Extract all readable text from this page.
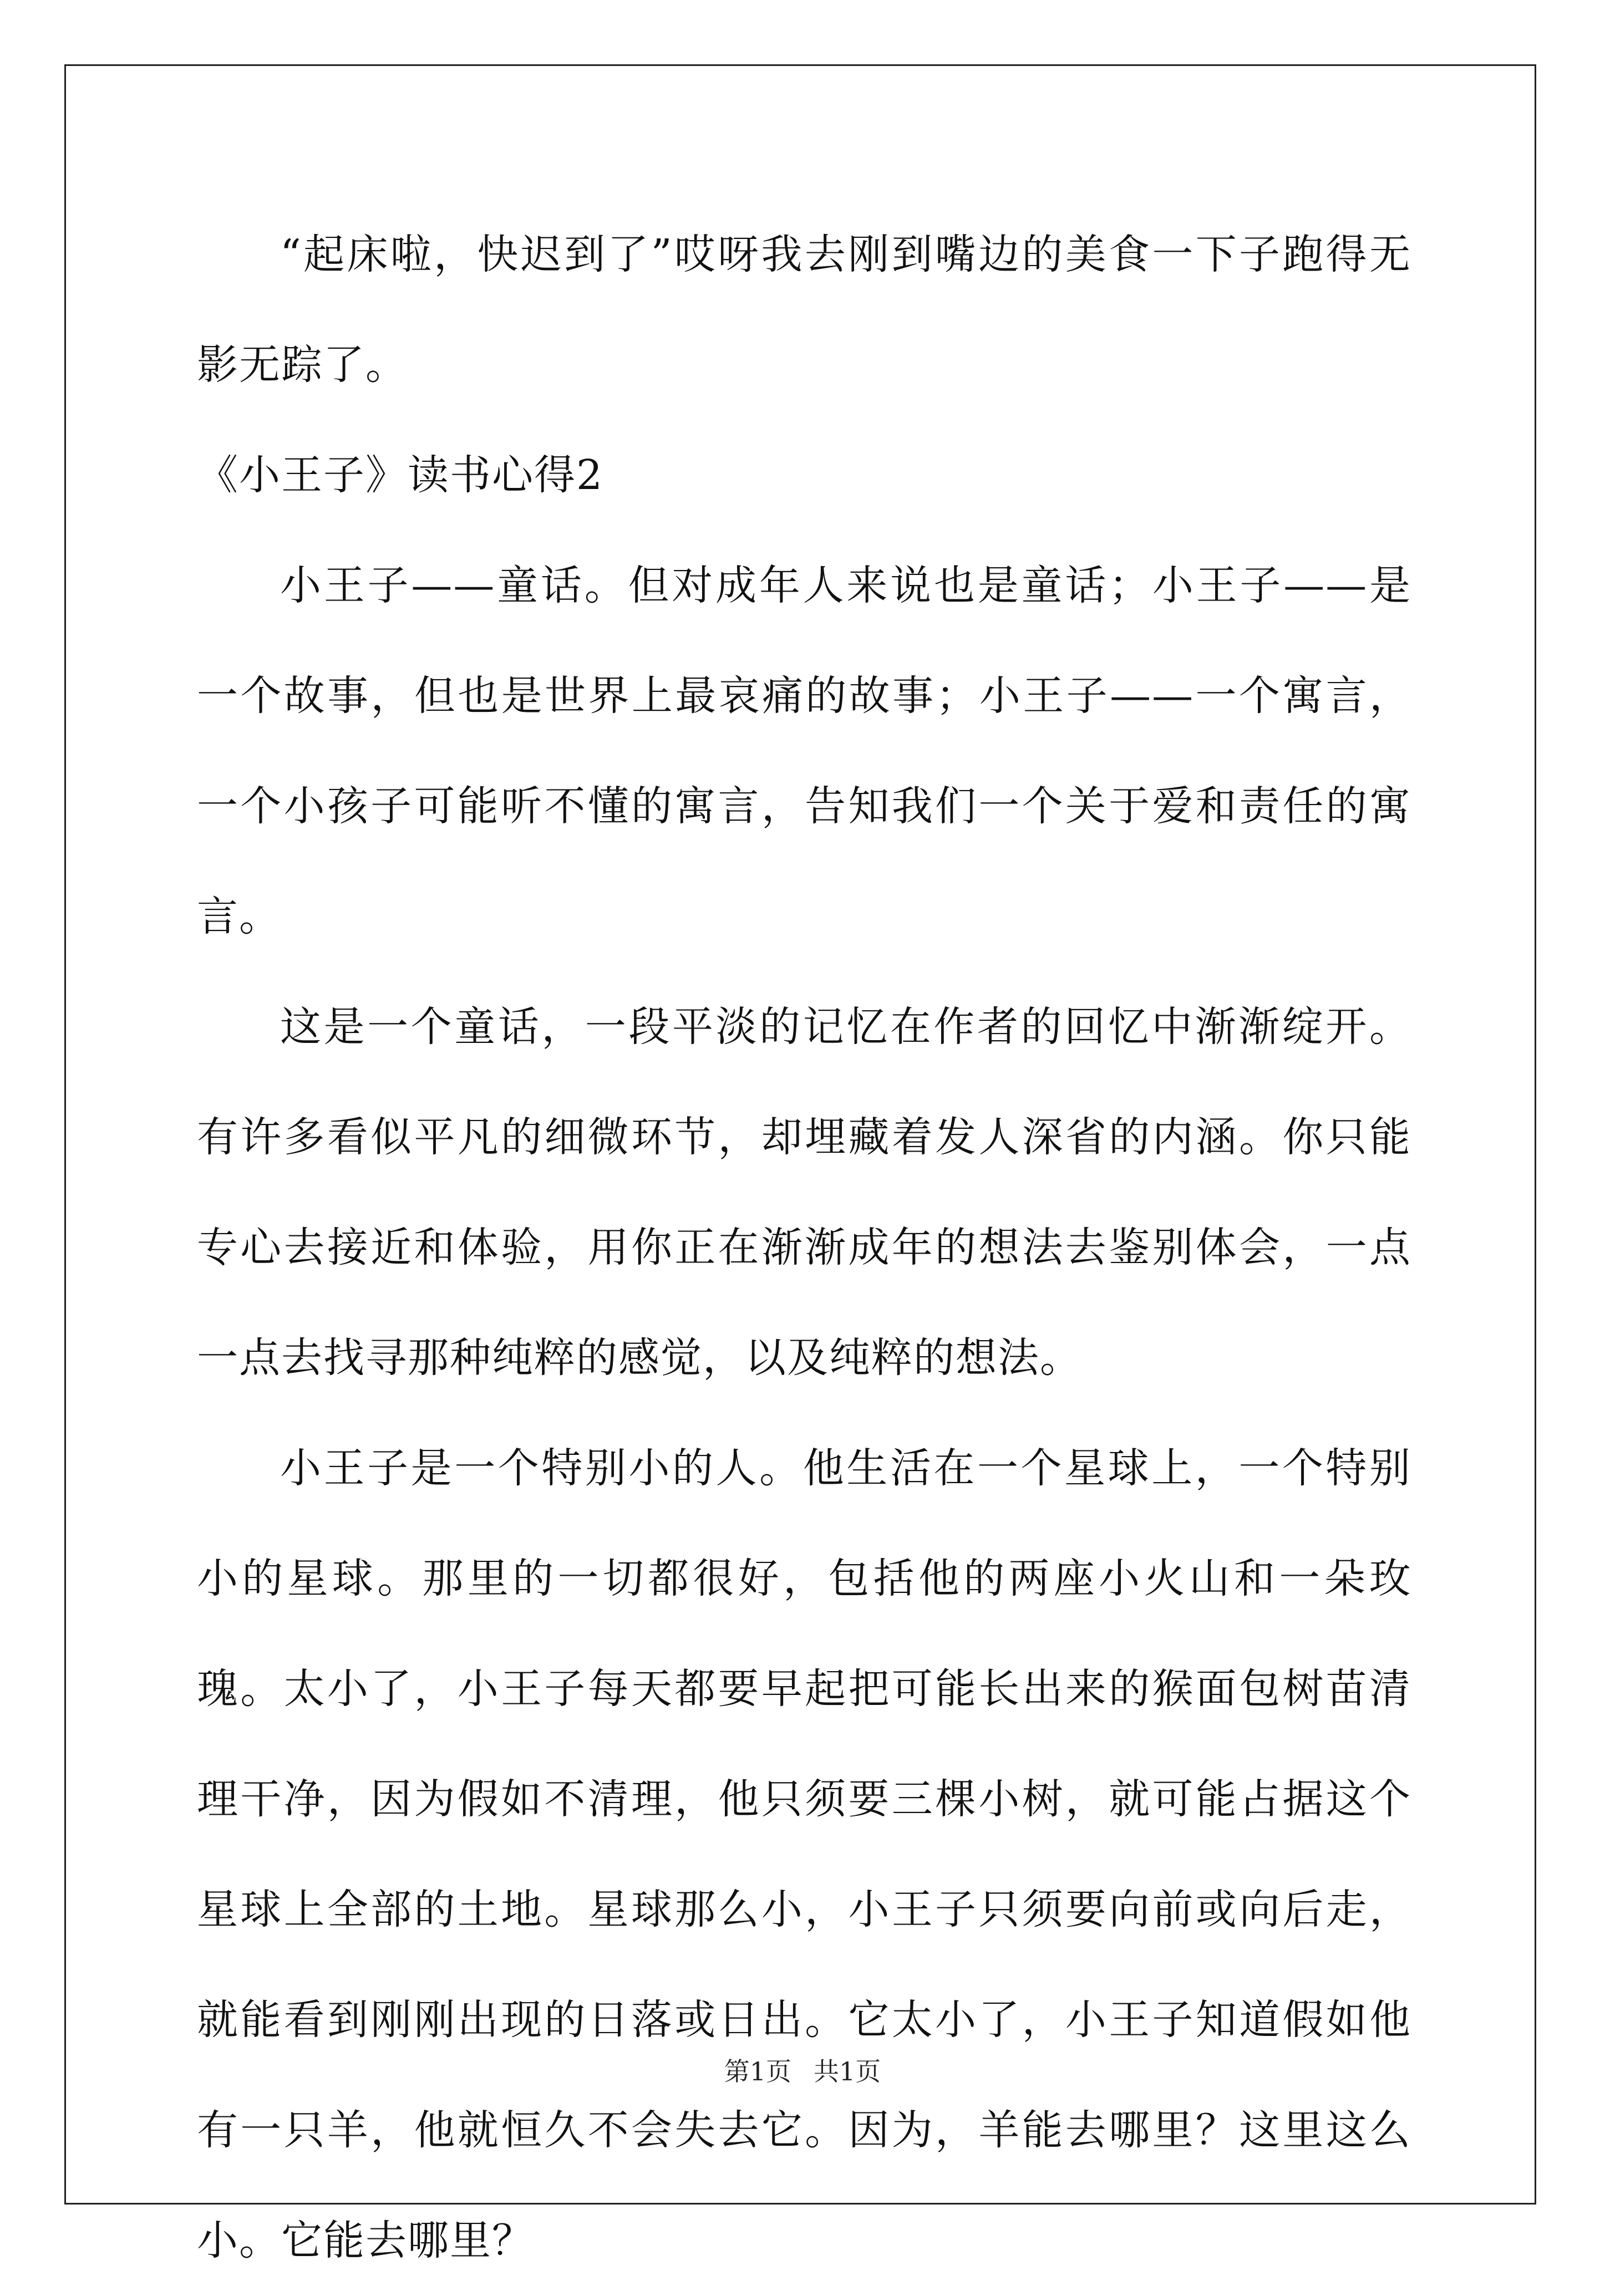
“起床啦，快迟到了”哎呀我去刚到嘴边的美食一下子跑得无影无踪了。

《小王子》读书心得2

小王子——童话。但对成年人来说也是童话；小王子——是一个故事，但也是世界上最哀痛的故事；小王子——一个寓言，一个小孩子可能听不懂的寓言，告知我们一个关于爱和责任的寓言。

这是一个童话，一段平淡的记忆在作者的回忆中渐渐绽开。有许多看似平凡的细微环节，却埋藏着发人深省的内涵。你只能专心去接近和体验，用你正在渐渐成年的想法去鉴别体会，一点一点去找寻那种纯粹的感觉，以及纯粹的想法。

小王子是一个特别小的人。他生活在一个星球上，一个特别小的星球。那里的一切都很好，包括他的两座小火山和一朵玫瑰。太小了，小王子每天都要早起把可能长出来的猴面包树苗清理干净，因为假如不清理，他只须要三棵小树，就可能占据这个星球上全部的土地。星球那么小，小王子只须要向前或向后走，就能看到刚刚出现的日落或日出。它太小了，小王子知道假如他有一只羊，他就恒久不会失去它。因为，羊能去哪里？这里这么小。它能去哪里？

第1页 共1页
